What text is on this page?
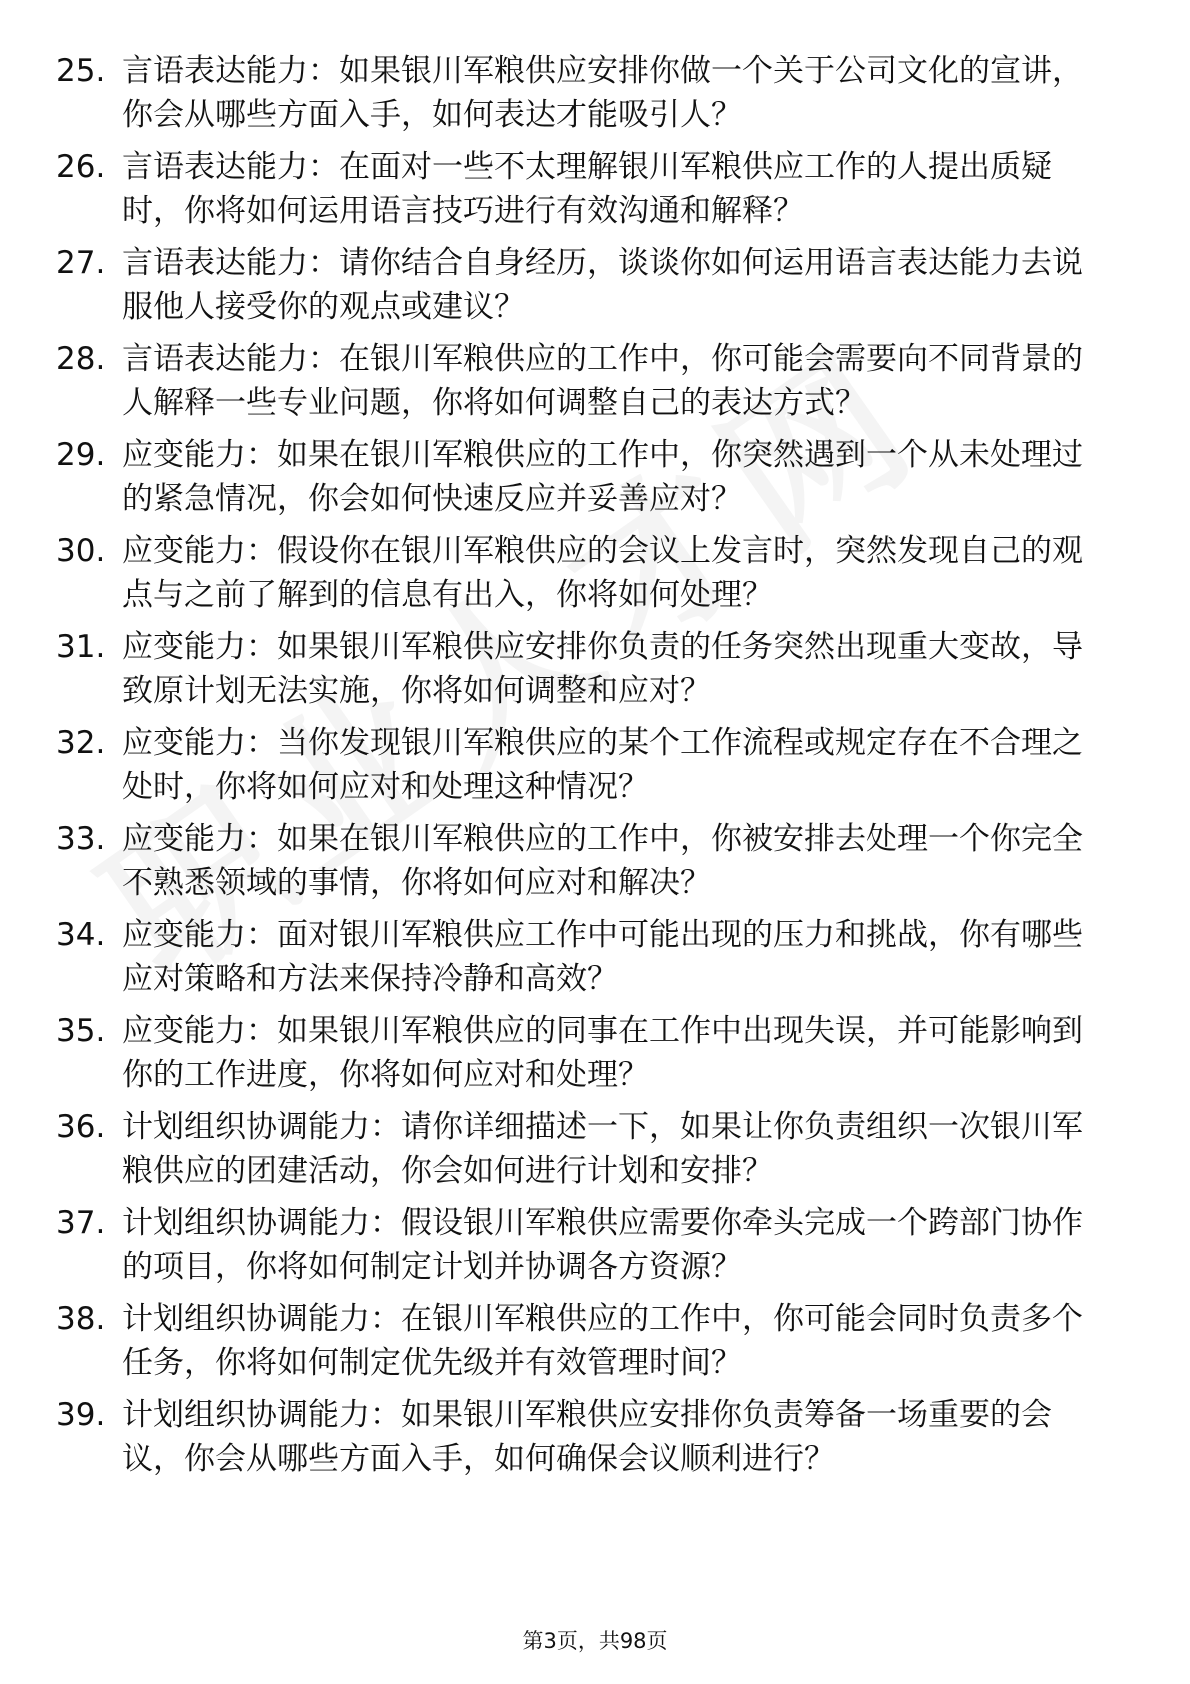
25. 言语表达能力：如果银川军粮供应安排你做一个关于公司文化的宣讲，你会从哪些方面入手，如何表达才能吸引人？
26. 言语表达能力：在面对一些不太理解银川军粮供应工作的人提出质疑时，你将如何运用语言技巧进行有效沟通和解释？
27. 言语表达能力：请你结合自身经历，谈谈你如何运用语言表达能力去说服他人接受你的观点或建议？
28. 言语表达能力：在银川军粮供应的工作中，你可能会需要向不同背景的人解释一些专业问题，你将如何调整自己的表达方式？
29. 应变能力：如果在银川军粮供应的工作中，你突然遇到一个从未处理过的紧急情况，你会如何快速反应并妥善应对？
30. 应变能力：假设你在银川军粮供应的会议上发言时，突然发现自己的观点与之前了解到的信息有出入，你将如何处理？
31. 应变能力：如果银川军粮供应安排你负责的任务突然出现重大变故，导致原计划无法实施，你将如何调整和应对？
32. 应变能力：当你发现银川军粮供应的某个工作流程或规定存在不合理之处时，你将如何应对和处理这种情况？
33. 应变能力：如果在银川军粮供应的工作中，你被安排去处理一个你完全不熟悉领域的事情，你将如何应对和解决？
34. 应变能力：面对银川军粮供应工作中可能出现的压力和挑战，你有哪些应对策略和方法来保持冷静和高效？
35. 应变能力：如果银川军粮供应的同事在工作中出现失误，并可能影响到你的工作进度，你将如何应对和处理？
36. 计划组织协调能力：请你详细描述一下，如果让你负责组织一次银川军粮供应的团建活动，你会如何进行计划和安排？
37. 计划组织协调能力：假设银川军粮供应需要你牵头完成一个跨部门协作的项目，你将如何制定计划并协调各方资源？
38. 计划组织协调能力：在银川军粮供应的工作中，你可能会同时负责多个任务，你将如何制定优先级并有效管理时间？
39. 计划组织协调能力：如果银川军粮供应安排你负责筹备一场重要的会议，你会从哪些方面入手，如何确保会议顺利进行？
第3页，共98页
